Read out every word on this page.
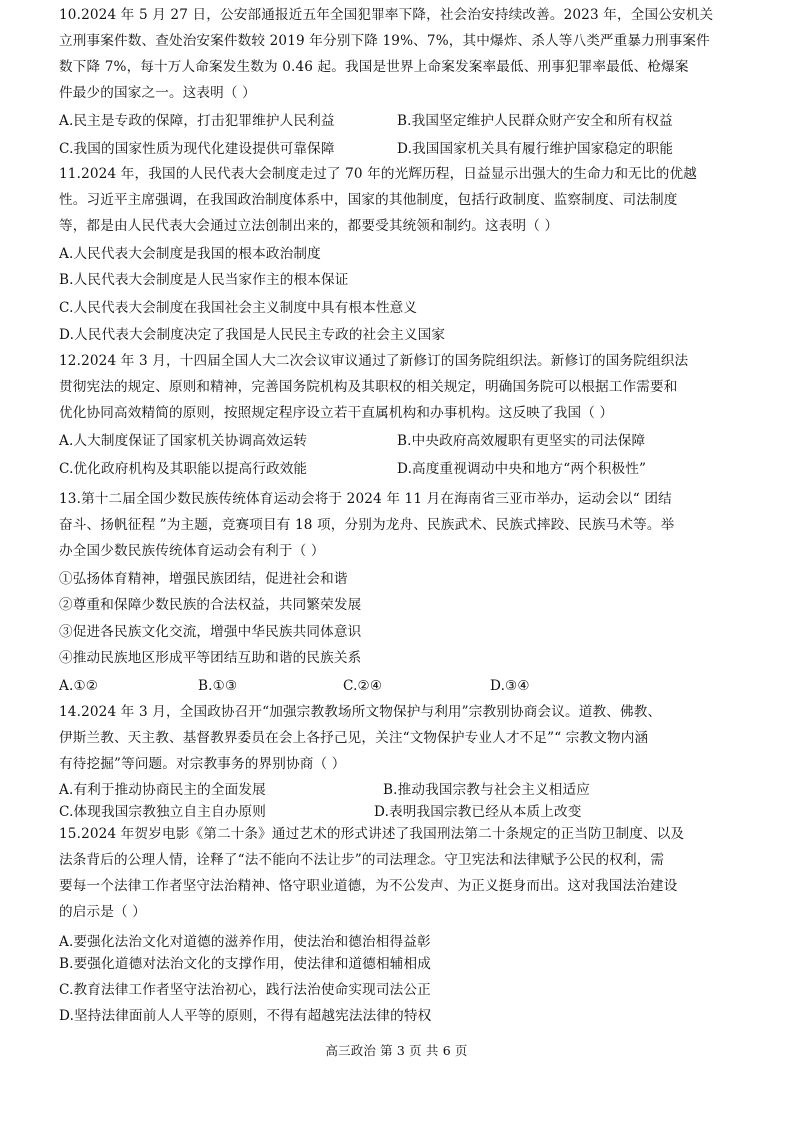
10.2024 年 5 月 27 日，公安部通报近五年全国犯罪率下降，社会治安持续改善。2023 年，全国公安机关
立刑事案件数、查处治安案件数较 2019 年分别下降 19%、7%，其中爆炸、杀人等八类严重暴力刑事案件
数下降 7%，每十万人命案发生数为 0.46 起。我国是世界上命案发案率最低、刑事犯罪率最低、枪爆案
件最少的国家之一。这表明（ ）
A.民主是专政的保障，打击犯罪维护人民利益	B.我国坚定维护人民群众财产安全和所有权益
C.我国的国家性质为现代化建设提供可靠保障	D.我国国家机关具有履行维护国家稳定的职能
11.2024 年，我国的人民代表大会制度走过了 70 年的光辉历程，日益显示出强大的生命力和无比的优越
性。习近平主席强调，在我国政治制度体系中，国家的其他制度，包括行政制度、监察制度、司法制度
等，都是由人民代表大会通过立法创制出来的，都要受其统领和制约。这表明（ ）
A.人民代表大会制度是我国的根本政治制度
B.人民代表大会制度是人民当家作主的根本保证
C.人民代表大会制度在我国社会主义制度中具有根本性意义
D.人民代表大会制度决定了我国是人民民主专政的社会主义国家
12.2024 年 3 月，十四届全国人大二次会议审议通过了新修订的国务院组织法。新修订的国务院组织法
贯彻宪法的规定、原则和精神，完善国务院机构及其职权的相关规定，明确国务院可以根据工作需要和
优化协同高效精简的原则，按照规定程序设立若干直属机构和办事机构。这反映了我国（ ）
A.人大制度保证了国家机关协调高效运转	B.中央政府高效履职有更坚实的司法保障
C.优化政府机构及其职能以提高行政效能	D.高度重视调动中央和地方“两个积极性”
13.第十二届全国少数民族传统体育运动会将于 2024 年 11 月在海南省三亚市举办，运动会以“ 团结
奋斗、扬帆征程 ”为主题，竞赛项目有 18 项，分别为龙舟、民族武术、民族式摔跤、民族马术等。举
办全国少数民族传统体育运动会有利于（ ）
①弘扬体育精神，增强民族团结，促进社会和谐
②尊重和保障少数民族的合法权益，共同繁荣发展
③促进各民族文化交流，增强中华民族共同体意识
④推动民族地区形成平等团结互助和谐的民族关系
A.①②	B.①③	C.②④	D.③④
14.2024 年 3 月，全国政协召开“加强宗教教场所文物保护与利用”宗教别协商会议。道教、佛教、
伊斯兰教、天主教、基督教界委员在会上各抒己见，关注“文物保护专业人才不足”“ 宗教文物内涵
有待挖掘”等问题。对宗教事务的界别协商（ ）
A.有利于推动协商民主的全面发展	B.推动我国宗教与社会主义相适应
C.体现我国宗教独立自主自办原则	D.表明我国宗教已经从本质上改变
15.2024 年贺岁电影《第二十条》通过艺术的形式讲述了我国刑法第二十条规定的正当防卫制度、以及
法条背后的公理人情，诠释了“法不能向不法让步”的司法理念。守卫宪法和法律赋予公民的权利，需
要每一个法律工作者坚守法治精神、恪守职业道德，为不公发声、为正义挺身而出。这对我国法治建设
的启示是（ ）
A.要强化法治文化对道德的滋养作用，使法治和德治相得益彰
B.要强化道德对法治文化的支撑作用，使法律和道德相辅相成
C.教育法律工作者坚守法治初心，践行法治使命实现司法公正
D.坚持法律面前人人平等的原则，不得有超越宪法法律的特权
高三政治 第 3 页 共 6 页
